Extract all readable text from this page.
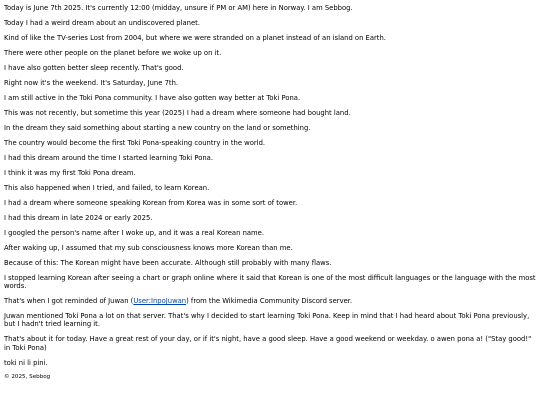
Today is June 7th 2025. It's currently 12:00 (midday, unsure if PM or AM) here in Norway. I am Sebbog.

Today I had a weird dream about an undiscovered planet.

Kind of like the TV-series Lost from 2004, but where we were stranded on a planet instead of an island on Earth.

There were other people on the planet before we woke up on it.

I have also gotten better sleep recently. That's good.

Right now it's the weekend. It's Saturday, June 7th.

I am still active in the Toki Pona community. I have also gotten way better at Toki Pona.

This was not recently, but sometime this year (2025) I had a dream where someone had bought land.

In the dream they said something about starting a new country on the land or something.

The country would become the first Toki Pona-speaking country in the world.

I had this dream around the time I started learning Toki Pona.

I think it was my first Toki Pona dream.

This also happened when I tried, and failed, to learn Korean.

I had a dream where someone speaking Korean from Korea was in some sort of tower.

I had this dream in late 2024 or early 2025.

I googled the person's name after I woke up, and it was a real Korean name.

After waking up, I assumed that my sub consciousness knows more Korean than me.

Because of this: The Korean might have been accurate. Although still probably with many flaws.

I stopped learning Korean after seeing a chart or graph online where it said that Korean is one of the most difficult languages or the language with the most words.

That's when I got reminded of Juwan (User:InpoJuwan) from the Wikimedia Community Discord server.

Juwan mentioned Toki Pona a lot on that server. That's why I decided to start learning Toki Pona. Keep in mind that I had heard about Toki Pona previously, but I hadn't tried learning it.

That's about it for today. Have a great rest of your day, or if it's night, have a good sleep. Have a good weekend or weekday. o awen pona a! ("Stay good!" in Toki Pona)

toki ni li pini.

© 2025, Sebbog
